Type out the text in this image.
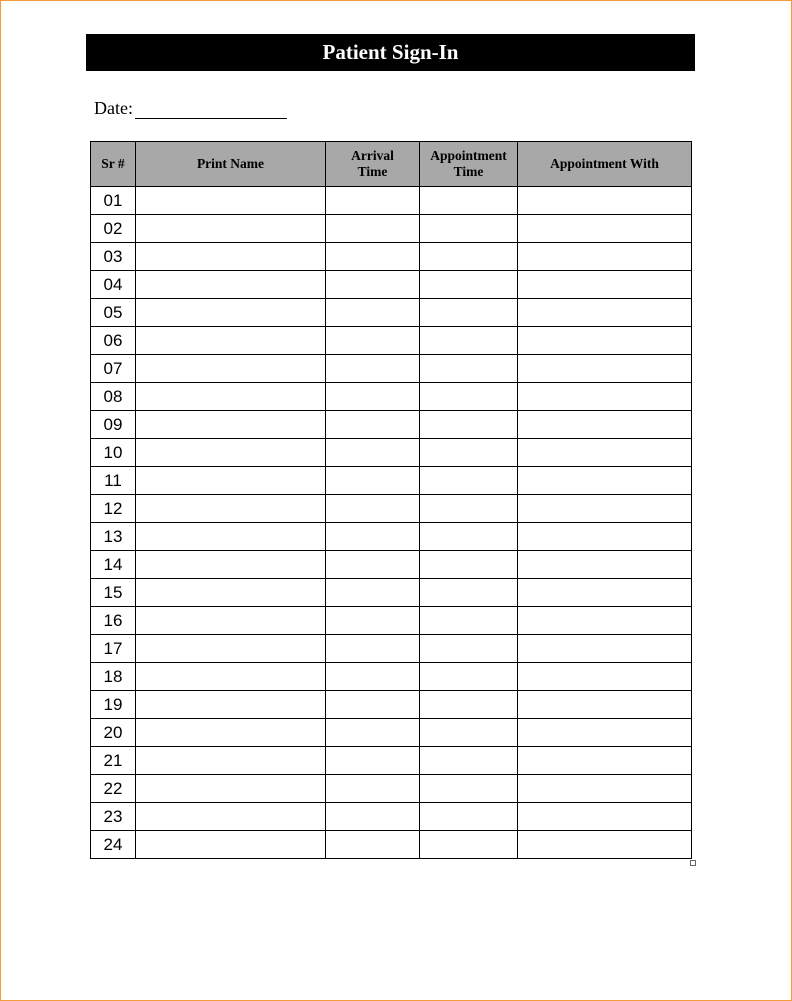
Patient Sign-In
Date:
Sr #	Print Name	Arrival Time	Appointment Time	Appointment With
01				
02				
03				
04				
05				
06				
07				
08				
09				
10				
11				
12				
13				
14				
15				
16				
17				
18				
19				
20				
21				
22				
23				
24				
